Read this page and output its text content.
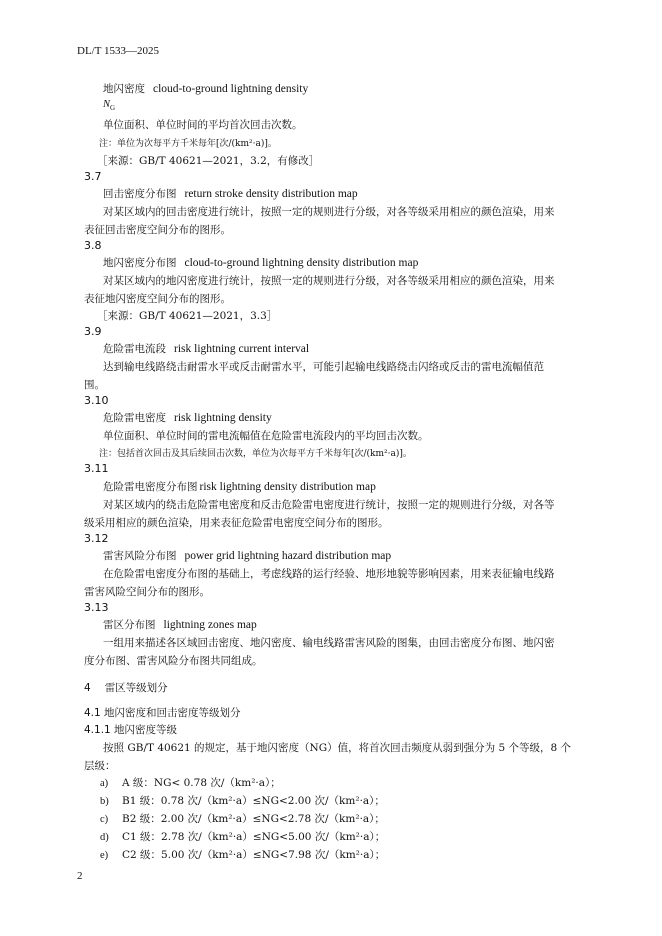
DL/T 1533—2025
地闪密度 cloud-to-ground lightning density
$N_G$
单位面积、单位时间的平均首次回击次数。
注：单位为次每平方千米每年[次/(km²·a)]。
［来源：GB/T 40621—2021，3.2，有修改］
3.7
回击密度分布图 return stroke density distribution map
对某区域内的回击密度进行统计，按照一定的规则进行分级，对各等级采用相应的颜色渲染，用来
表征回击密度空间分布的图形。
3.8
地闪密度分布图 cloud-to-ground lightning density distribution map
对某区域内的地闪密度进行统计，按照一定的规则进行分级，对各等级采用相应的颜色渲染，用来
表征地闪密度空间分布的图形。
［来源：GB/T 40621—2021，3.3］
3.9
危险雷电流段 risk lightning current interval
达到输电线路绕击耐雷水平或反击耐雷水平，可能引起输电线路绕击闪络或反击的雷电流幅值范
围。
3.10
危险雷电密度 risk lightning density
单位面积、单位时间的雷电流幅值在危险雷电流段内的平均回击次数。
注：包括首次回击及其后续回击次数，单位为次每平方千米每年[次/(km²·a)]。
3.11
危险雷电密度分布图 risk lightning density distribution map
对某区域内的绕击危险雷电密度和反击危险雷电密度进行统计，按照一定的规则进行分级，对各等
级采用相应的颜色渲染，用来表征危险雷电密度空间分布的图形。
3.12
雷害风险分布图 power grid lightning hazard distribution map
在危险雷电密度分布图的基础上，考虑线路的运行经验、地形地貌等影响因素，用来表征输电线路
雷害风险空间分布的图形。
3.13
雷区分布图 lightning zones map
一组用来描述各区域回击密度、地闪密度、输电线路雷害风险的图集，由回击密度分布图、地闪密
度分布图、雷害风险分布图共同组成。
4 雷区等级划分
4.1 地闪密度和回击密度等级划分
4.1.1 地闪密度等级
按照 GB/T 40621 的规定，基于地闪密度（NG）值，将首次回击频度从弱到强分为 5 个等级，8 个
层级：
a) A 级：NG< 0.78 次/（km²·a）；
b) B1 级：0.78 次/（km²·a）≤NG<2.00 次/（km²·a）；
c) B2 级：2.00 次/（km²·a）≤NG<2.78 次/（km²·a）；
d) C1 级：2.78 次/（km²·a）≤NG<5.00 次/（km²·a）；
e) C2 级：5.00 次/（km²·a）≤NG<7.98 次/（km²·a）；
2
